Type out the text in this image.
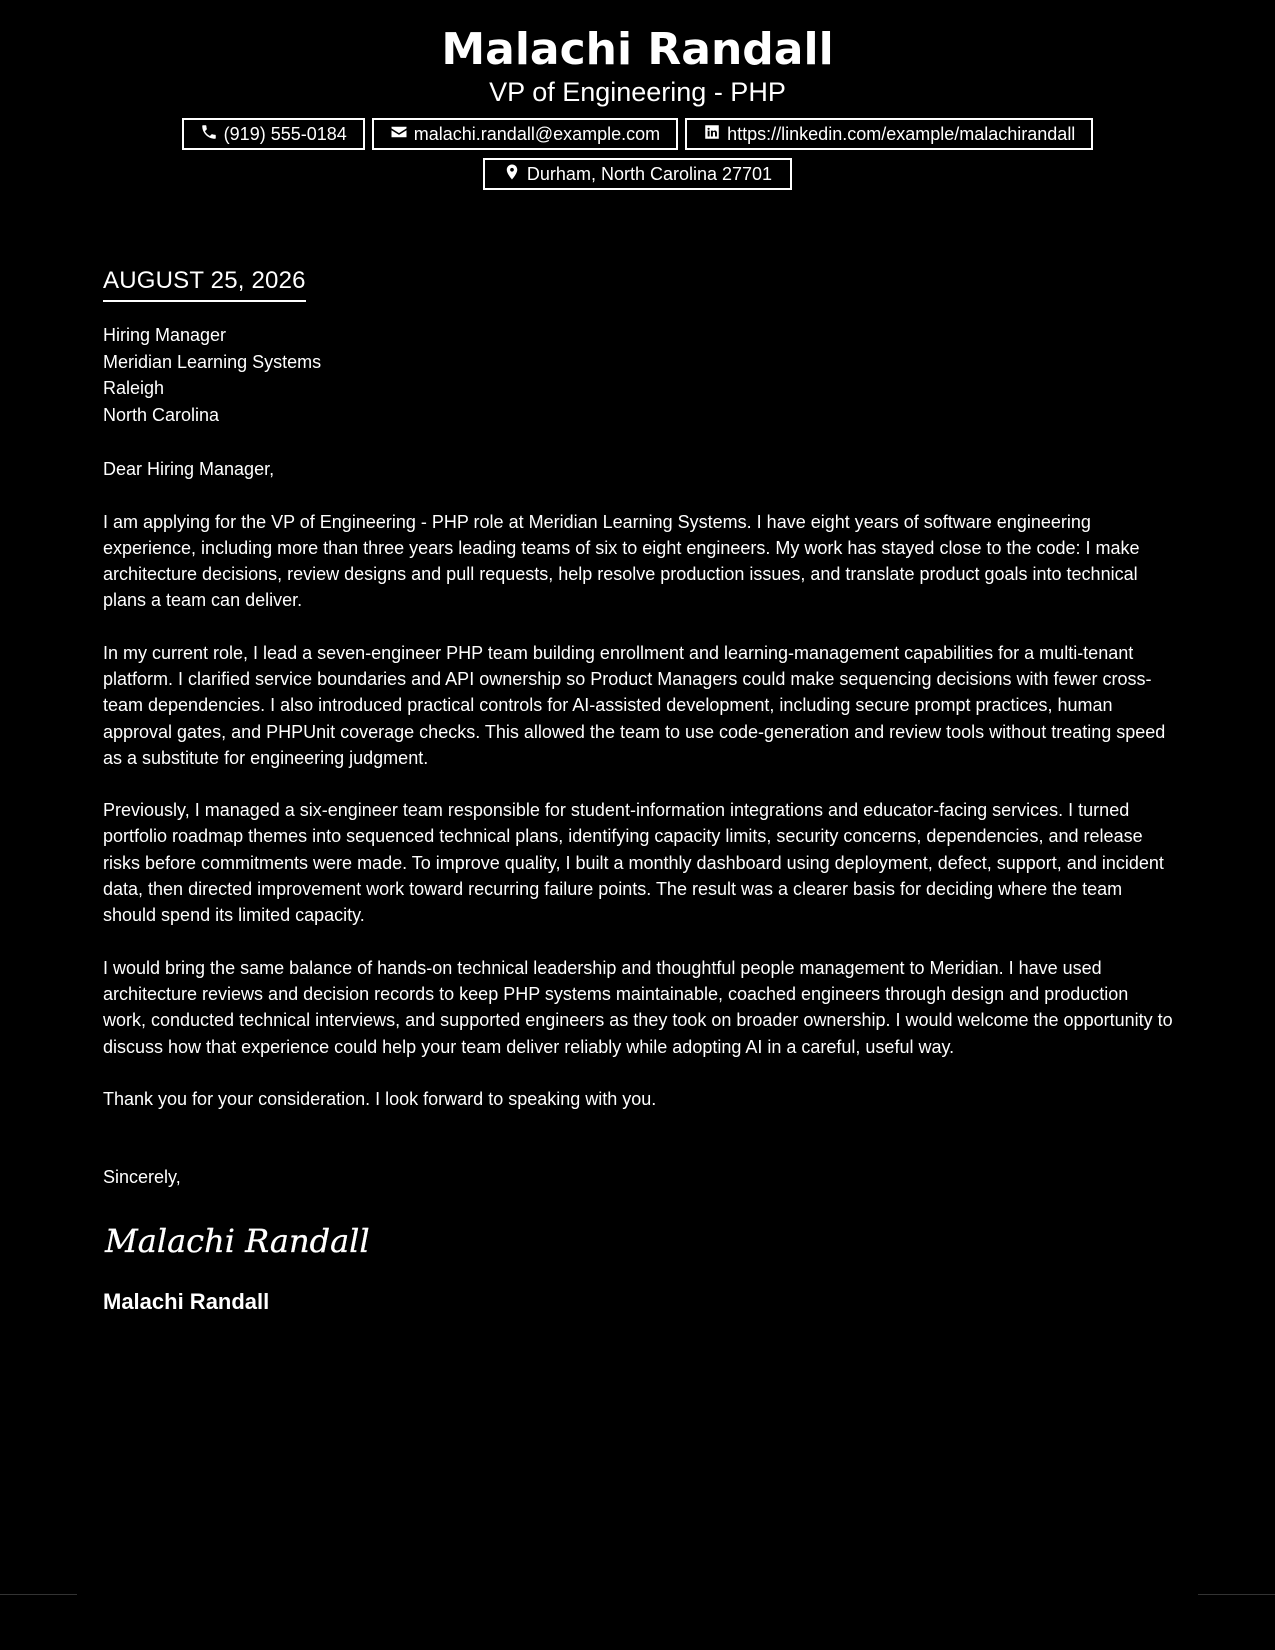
Malachi Randall
VP of Engineering - PHP
(919) 555-0184	malachi.randall@example.com	https://linkedin.com/example/malachirandall
Durham, North Carolina 27701
AUGUST 25, 2026
Hiring Manager
Meridian Learning Systems
Raleigh
North Carolina
Dear Hiring Manager,

I am applying for the VP of Engineering - PHP role at Meridian Learning Systems. I have eight years of software engineering experience, including more than three years leading teams of six to eight engineers. My work has stayed close to the code: I make architecture decisions, review designs and pull requests, help resolve production issues, and translate product goals into technical plans a team can deliver.

In my current role, I lead a seven-engineer PHP team building enrollment and learning-management capabilities for a multi-tenant platform. I clarified service boundaries and API ownership so Product Managers could make sequencing decisions with fewer cross-team dependencies. I also introduced practical controls for AI-assisted development, including secure prompt practices, human approval gates, and PHPUnit coverage checks. This allowed the team to use code-generation and review tools without treating speed as a substitute for engineering judgment.

Previously, I managed a six-engineer team responsible for student-information integrations and educator-facing services. I turned portfolio roadmap themes into sequenced technical plans, identifying capacity limits, security concerns, dependencies, and release risks before commitments were made. To improve quality, I built a monthly dashboard using deployment, defect, support, and incident data, then directed improvement work toward recurring failure points. The result was a clearer basis for deciding where the team should spend its limited capacity.

I would bring the same balance of hands-on technical leadership and thoughtful people management to Meridian. I have used architecture reviews and decision records to keep PHP systems maintainable, coached engineers through design and production work, conducted technical interviews, and supported engineers as they took on broader ownership. I would welcome the opportunity to discuss how that experience could help your team deliver reliably while adopting AI in a careful, useful way.

Thank you for your consideration. I look forward to speaking with you.

Sincerely,
Malachi Randall
Malachi Randall
